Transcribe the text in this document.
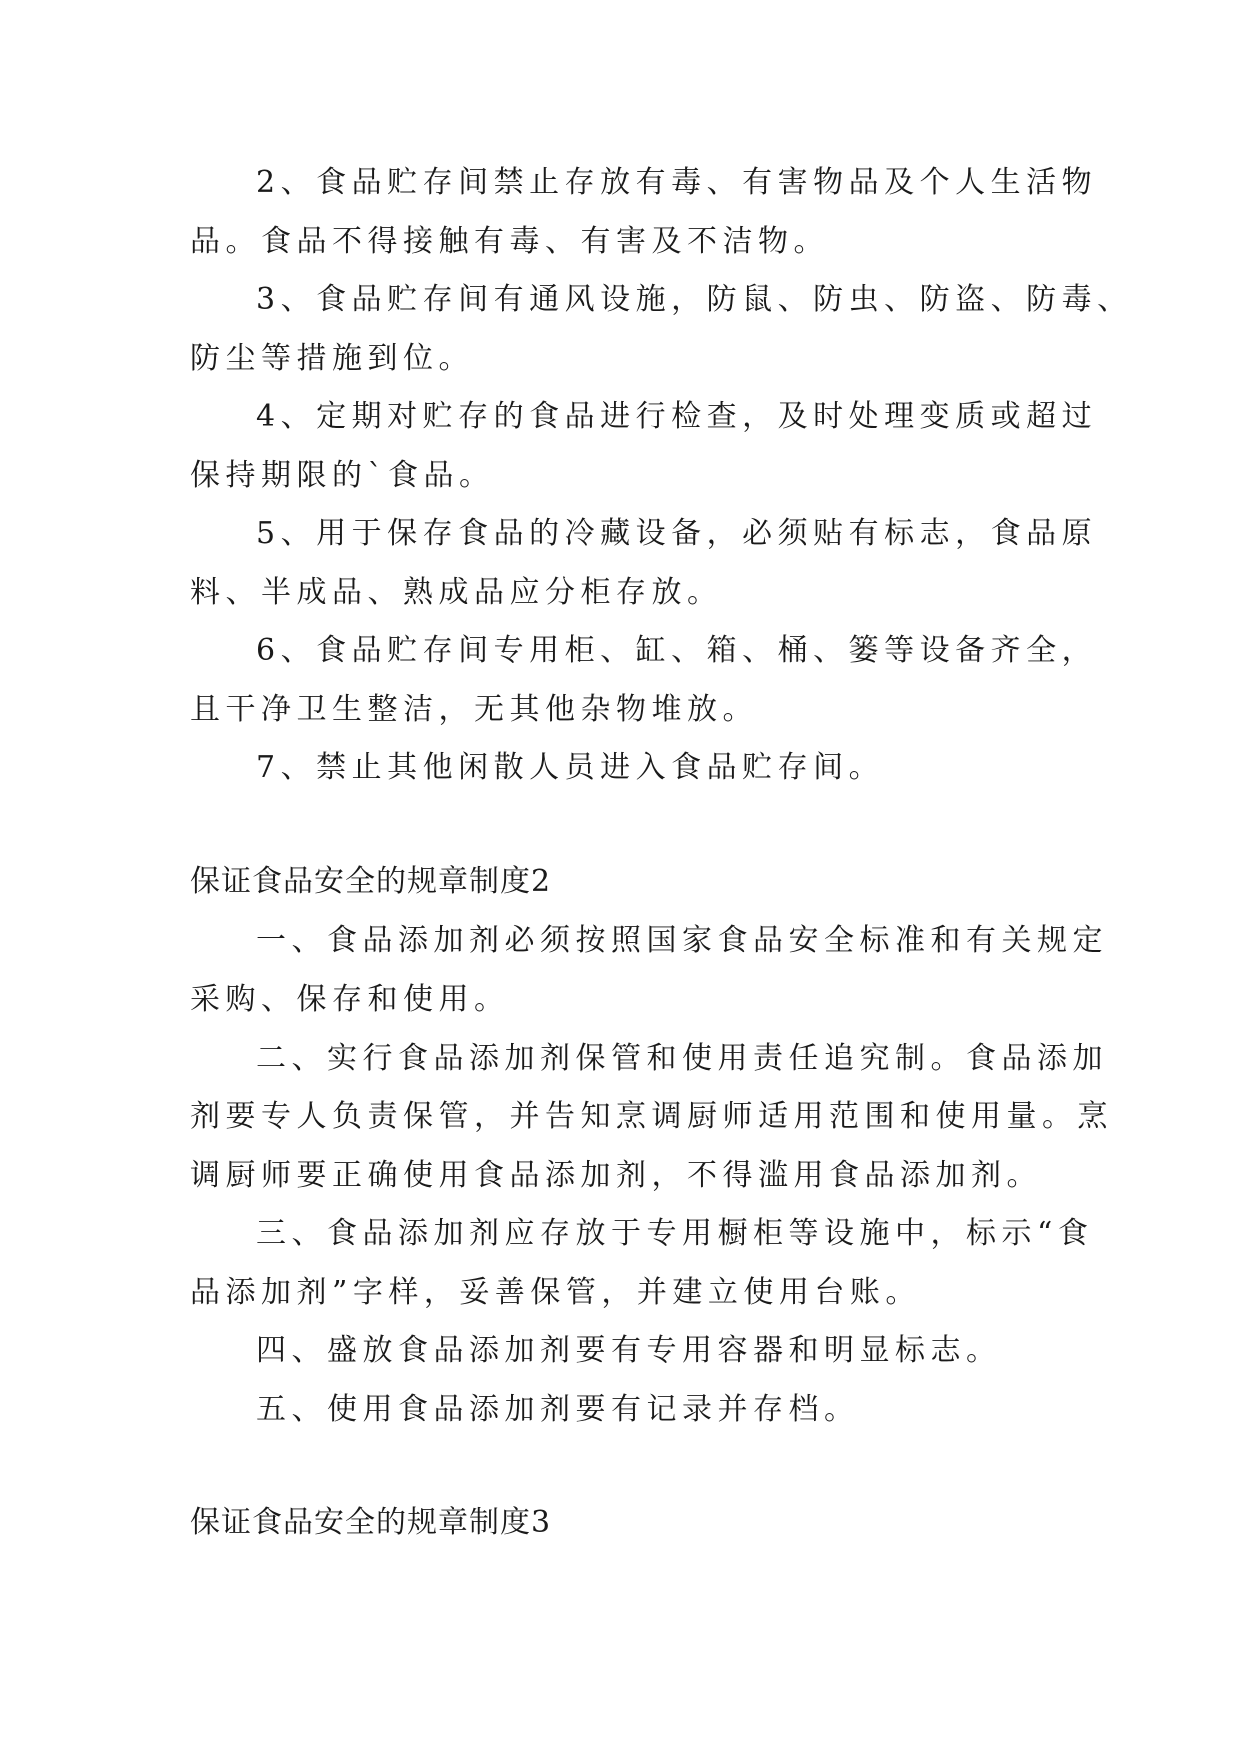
2、食品贮存间禁止存放有毒、有害物品及个人生活物
品。食品不得接触有毒、有害及不洁物。
3、食品贮存间有通风设施，防鼠、防虫、防盗、防毒、
防尘等措施到位。
4、定期对贮存的食品进行检查，及时处理变质或超过
保持期限的`食品。
5、用于保存食品的冷藏设备，必须贴有标志，食品原
料、半成品、熟成品应分柜存放。
6、食品贮存间专用柜、缸、箱、桶、篓等设备齐全，
且干净卫生整洁，无其他杂物堆放。
7、禁止其他闲散人员进入食品贮存间。
保证食品安全的规章制度2
一、食品添加剂必须按照国家食品安全标准和有关规定
采购、保存和使用。
二、实行食品添加剂保管和使用责任追究制。食品添加
剂要专人负责保管，并告知烹调厨师适用范围和使用量。烹
调厨师要正确使用食品添加剂，不得滥用食品添加剂。
三、食品添加剂应存放于专用橱柜等设施中，标示“食
品添加剂”字样，妥善保管，并建立使用台账。
四、盛放食品添加剂要有专用容器和明显标志。
五、使用食品添加剂要有记录并存档。
保证食品安全的规章制度3
